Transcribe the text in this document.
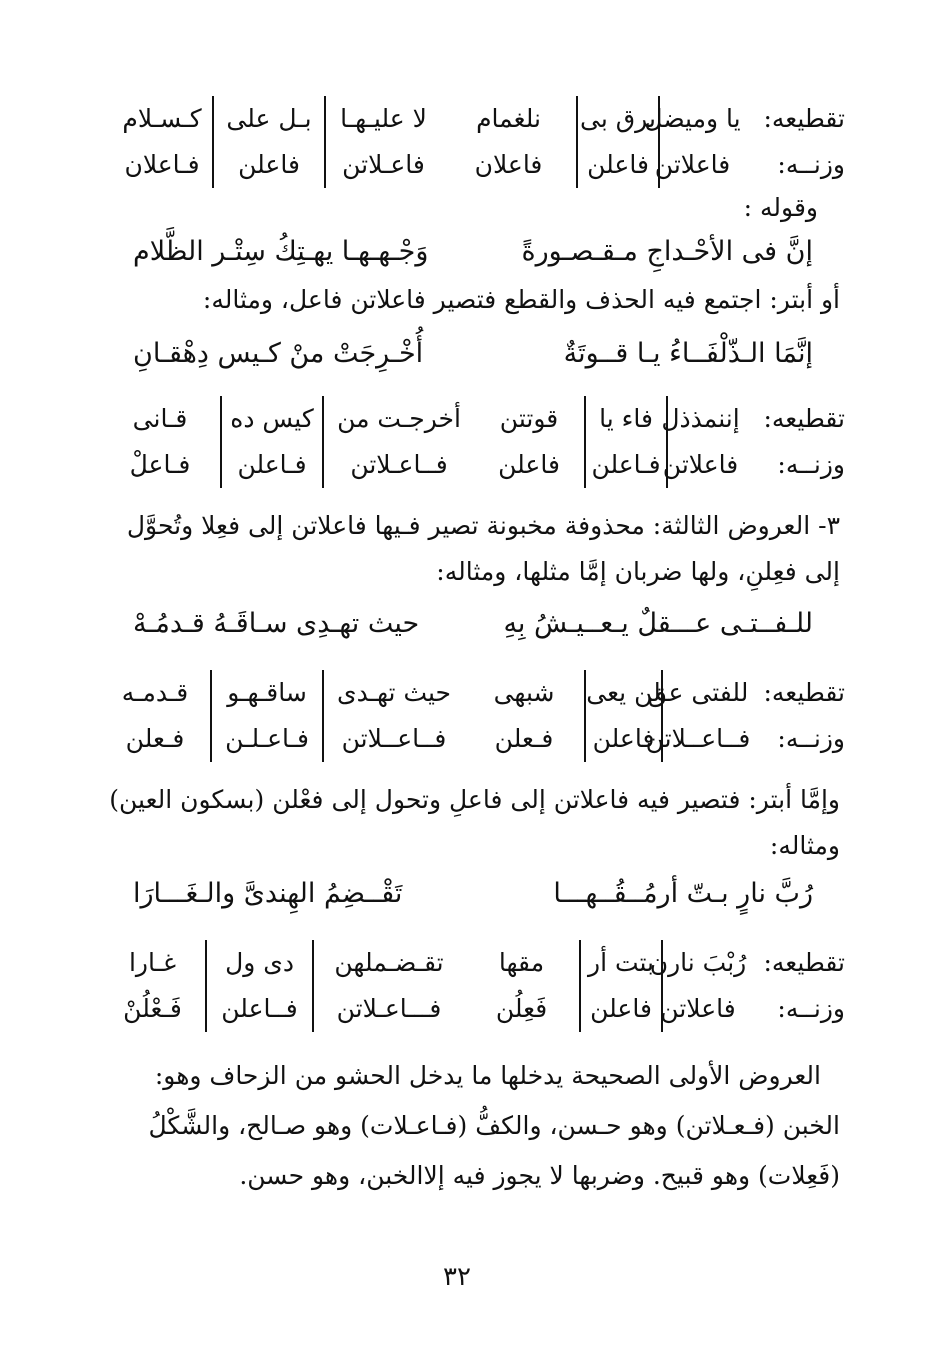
تقطيعه:
وزنــه:
يا وميضل
فاعلاتن
برق بى
فاعلن
نلغمام
فاعلان
لا عليـهـا
فاعـلاتن
بـل على
فاعلن
كـسـلام
فـاعلان
وقوله :
إنَّ فى الأحْـداجِ مـقـصـورةً
وَجْـهـهـا يهـتِكُ سِتْـر الظَّلام
أو أبتر: اجتمع فيه الحذف والقطع فتصير فاعلاتن فاعل، ومثاله:
إنَّمَا الـذّلْفَــاءُ يـا قــوتَةٌ
أُخْـرِجَتْ منْ كـيس دِهْقـانِ
تقطيعه:
وزنــه:
إننمذذل
فاعلاتن
فاء يا
فـاعلن
قوتتن
فاعلن
أخرجـت من
فــاعـلاتن
كيس ده
فـاعلن
قـانى
فـاعلْ
٣- العروض الثالثة: محذوفة مخبونة تصير فـيها فاعلاتن إلى فعِلا وتُحوَّل
إلى فعِلنِ، ولها ضربان إمَّا مثلها، ومثاله:
للـفــتـى عـــقلٌ يـعــيـشُ بِهِ
حيث تهـدِى سـاقَـهُ قـدمُـهْ
تقطيعه:
وزنــه:
للفتى عق
فــاعــلاتن
لن يعى
فاعلن
شبهى
فـعلن
حيث تهـدى
فــاعــلاتن
ساقـهـو
فـاعـلـن
قـدمـه
فـعلن
وإمَّا أبتر: فتصير فيه فاعلاتن إلى فاعلِ وتحول إلى فعْلن (بسكون العين)
ومثاله:
رُبَّ نارٍ بـتّ أرمُــقُــهـــا
تَقْــضِمُ الهِندىَّ والـغَـــارَا
تقطيعه:
وزنــه:
رُبْبَ نارن
فاعلاتن
بتت أر
فاعلن
مقها
فَعِلُن
تقـضـملهن
فـــاعـلاتن
دى ول
فــاعلن
غـارا
فَـعْلُنْ
العروض الأولى الصحيحة يدخلها ما يدخل الحشو من الزحاف وهو:
الخبن (فـعـلاتن) وهو حـسن، والكفُّ (فـاعـلات) وهو صـالح، والشَّكْلُ
(فَعِلات) وهو قبيح. وضربها لا يجوز فيه إلاالخبن، وهو حسن.
٣٢
